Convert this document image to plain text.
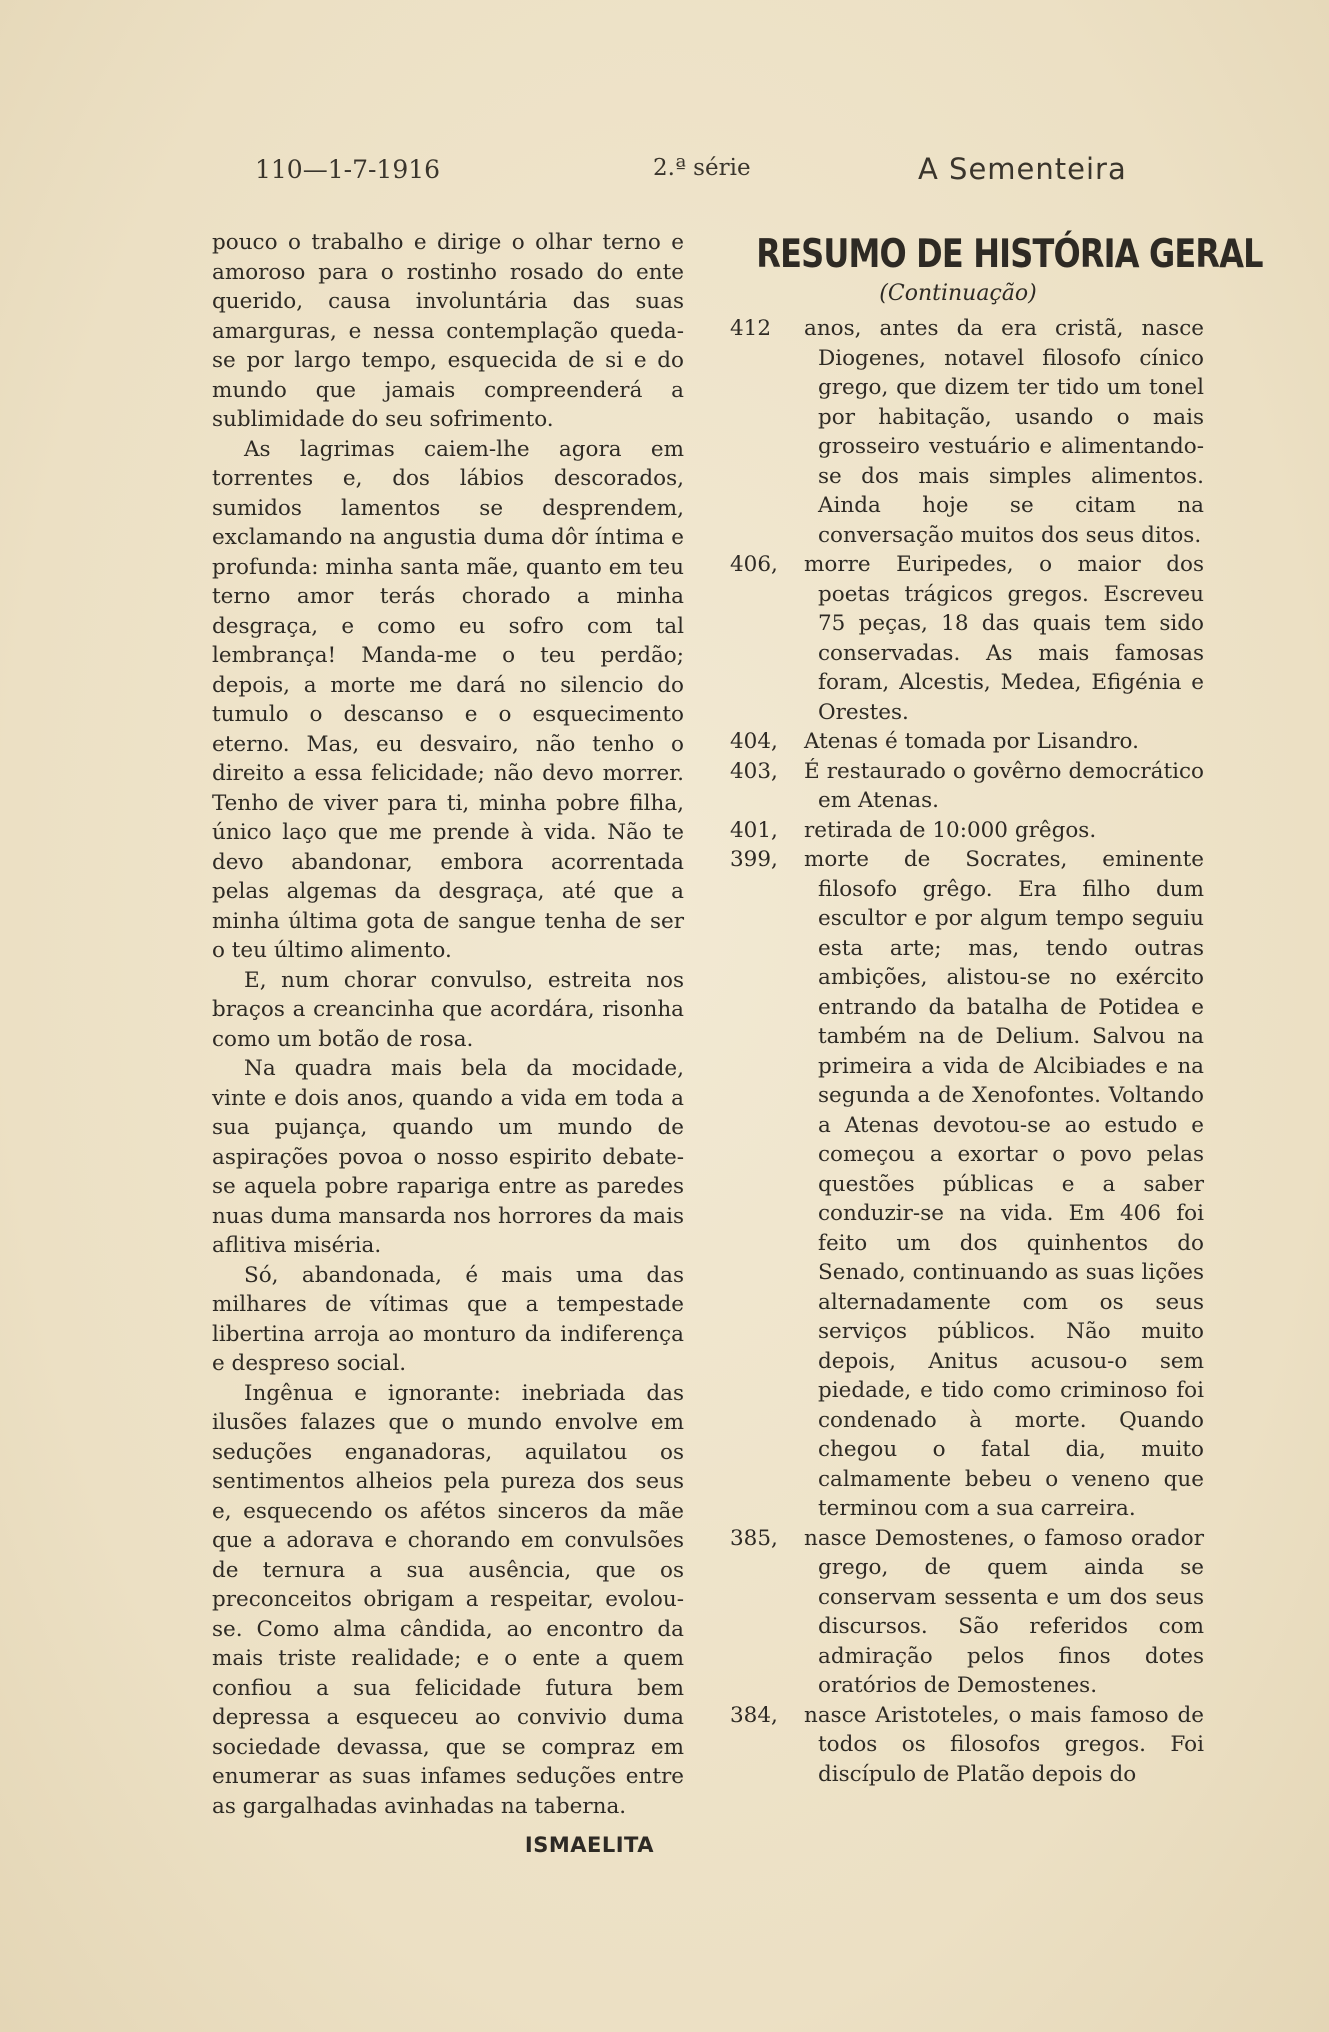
110—1-7-1916	2.ª série	A Sementeira

pouco o trabalho e dirige o olhar terno e amoroso para o rostinho rosado do ente querido, causa involuntária das suas amarguras, e nessa contemplação queda-se por largo tempo, esquecida de si e do mundo que jamais compreenderá a sublimidade do seu sofrimento.

As lagrimas caiem-lhe agora em torrentes e, dos lábios descorados, sumidos lamentos se desprendem, exclamando na angustia duma dôr íntima e profunda: minha santa mãe, quanto em teu terno amor terás chorado a minha desgraça, e como eu sofro com tal lembrança! Manda-me o teu perdão; depois, a morte me dará no silencio do tumulo o descanso e o esquecimento eterno. Mas, eu desvairo, não tenho o direito a essa felicidade; não devo morrer. Tenho de viver para ti, minha pobre filha, único laço que me prende à vida. Não te devo abandonar, embora acorrentada pelas algemas da desgraça, até que a minha última gota de sangue tenha de ser o teu último alimento.

E, num chorar convulso, estreita nos braços a creancinha que acordára, risonha como um botão de rosa.

Na quadra mais bela da mocidade, vinte e dois anos, quando a vida em toda a sua pujança, quando um mundo de aspirações povoa o nosso espirito debate-se aquela pobre rapariga entre as paredes nuas duma mansarda nos horrores da mais aflitiva miséria.

Só, abandonada, é mais uma das milhares de vítimas que a tempestade libertina arroja ao monturo da indiferença e despreso social.

Ingênua e ignorante: inebriada das ilusões falazes que o mundo envolve em seduções enganadoras, aquilatou os sentimentos alheios pela pureza dos seus e, esquecendo os afétos sinceros da mãe que a adorava e chorando em convulsões de ternura a sua ausência, que os preconceitos obrigam a respeitar, evolou-se. Como alma cândida, ao encontro da mais triste realidade; e o ente a quem confiou a sua felicidade futura bem depressa a esqueceu ao convivio duma sociedade devassa, que se compraz em enumerar as suas infames seduções entre as gargalhadas avinhadas na taberna.

ISMAELITA
RESUMO DE HISTÓRIA GERAL
(Continuação)
412	anos, antes da era cristã, nasce Diogenes, notavel filosofo cínico grego, que dizem ter tido um tonel por habitação, usando o mais grosseiro vestuário e alimentando-se dos mais simples alimentos. Ainda hoje se citam na conversação muitos dos seus ditos.
406,	morre Euripedes, o maior dos poetas trágicos gregos. Escreveu 75 peças, 18 das quais tem sido conservadas. As mais famosas foram, Alcestis, Medea, Efigénia e Orestes.
404,	Atenas é tomada por Lisandro.
403,	É restaurado o govêrno democrático em Atenas.
401,	retirada de 10:000 grêgos.
399,	morte de Socrates, eminente filosofo grêgo. Era filho dum escultor e por algum tempo seguiu esta arte; mas, tendo outras ambições, alistou-se no exército entrando da batalha de Potidea e também na de Delium. Salvou na primeira a vida de Alcibiades e na segunda a de Xenofontes. Voltando a Atenas devotou-se ao estudo e começou a exortar o povo pelas questões públicas e a saber conduzir-se na vida. Em 406 foi feito um dos quinhentos do Senado, continuando as suas lições alternadamente com os seus serviços públicos. Não muito depois, Anitus acusou-o sem piedade, e tido como criminoso foi condenado à morte. Quando chegou o fatal dia, muito calmamente bebeu o veneno que terminou com a sua carreira.
385,	nasce Demostenes, o famoso orador grego, de quem ainda se conservam sessenta e um dos seus discursos. São referidos com admiração pelos finos dotes oratórios de Demostenes.
384,	nasce Aristoteles, o mais famoso de todos os filosofos gregos. Foi discípulo de Platão depois do
